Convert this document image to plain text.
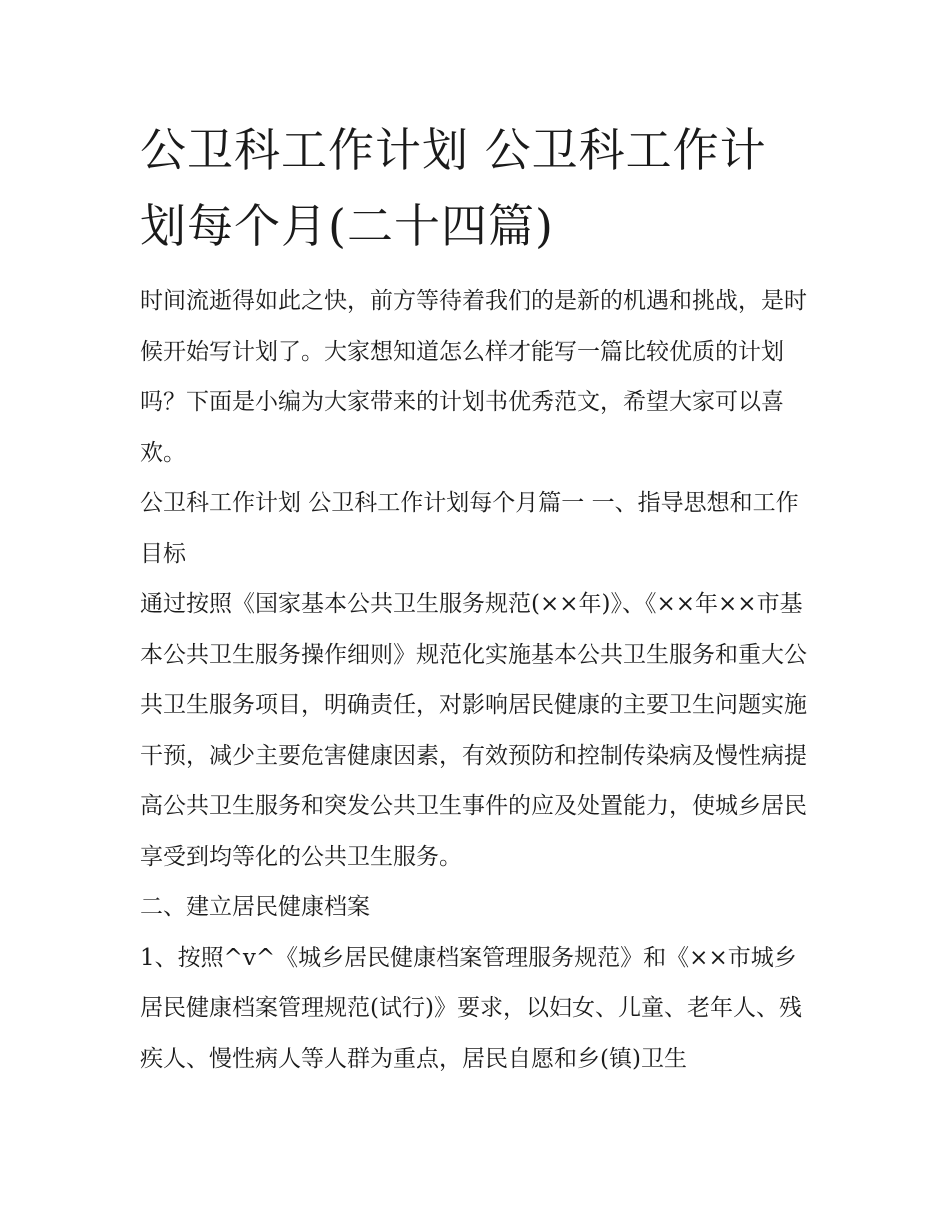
公卫科工作计划 公卫科工作计划每个月(二十四篇)

时间流逝得如此之快，前方等待着我们的是新的机遇和挑战，是时候开始写计划了。大家想知道怎么样才能写一篇比较优质的计划吗？下面是小编为大家带来的计划书优秀范文，希望大家可以喜欢。

公卫科工作计划 公卫科工作计划每个月篇一 一、指导思想和工作目标

通过按照《国家基本公共卫生服务规范(××年)》、《××年××市基本公共卫生服务操作细则》规范化实施基本公共卫生服务和重大公共卫生服务项目，明确责任，对影响居民健康的主要卫生问题实施干预，减少主要危害健康因素，有效预防和控制传染病及慢性病提高公共卫生服务和突发公共卫生事件的应及处置能力，使城乡居民享受到均等化的公共卫生服务。

二、建立居民健康档案

1、按照^v^《城乡居民健康档案管理服务规范》和《××市城乡居民健康档案管理规范(试行)》要求，以妇女、儿童、老年人、残疾人、慢性病人等人群为重点，居民自愿和乡(镇)卫生
